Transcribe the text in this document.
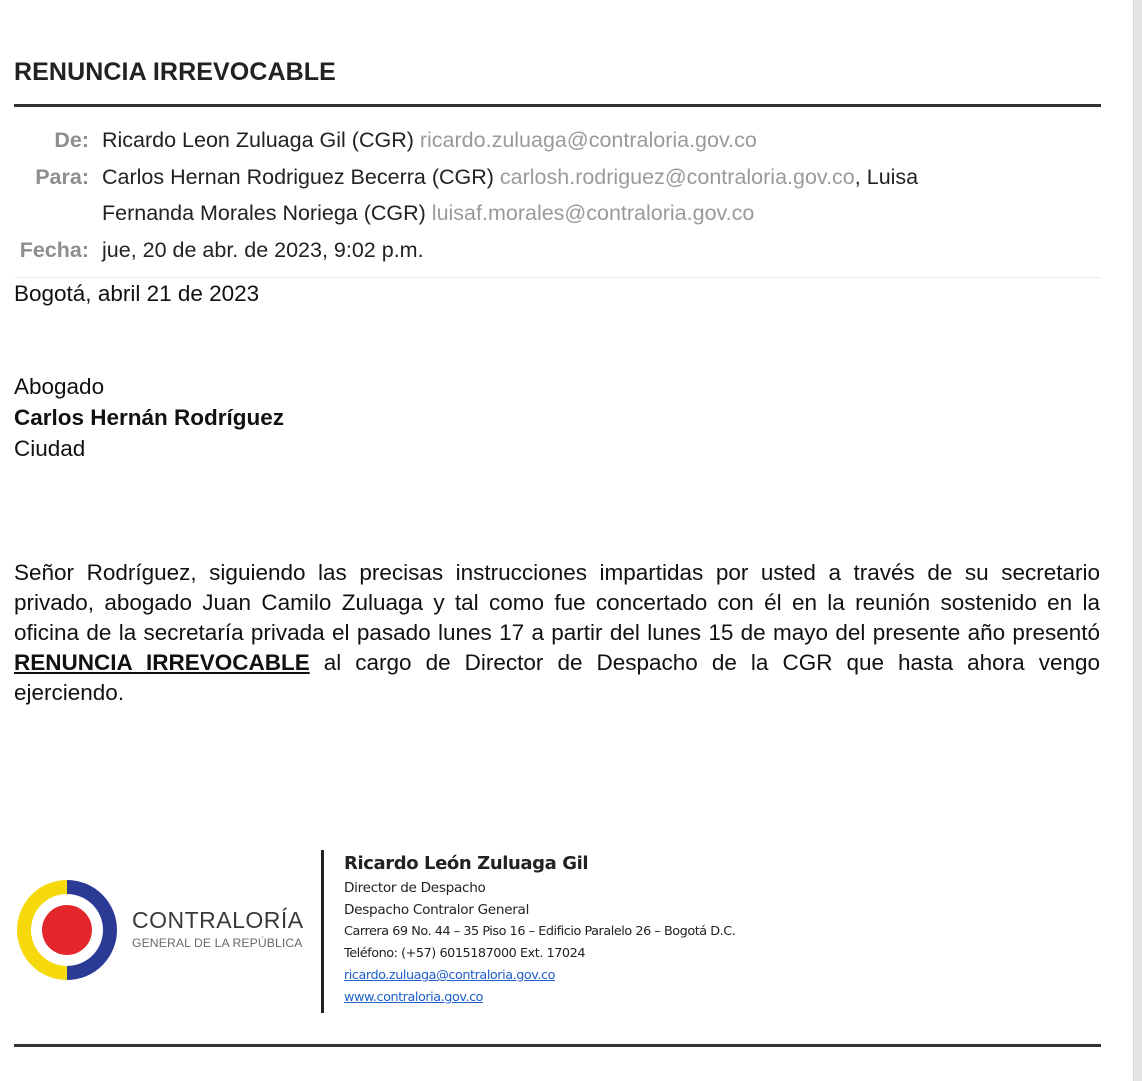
RENUNCIA IRREVOCABLE
De: Ricardo Leon Zuluaga Gil (CGR) ricardo.zuluaga@contraloria.gov.co
Para: Carlos Hernan Rodriguez Becerra (CGR) carlosh.rodriguez@contraloria.gov.co, Luisa
Fernanda Morales Noriega (CGR) luisaf.morales@contraloria.gov.co
Fecha: jue, 20 de abr. de 2023, 9:02 p.m.
Bogotá, abril 21 de 2023
Abogado
Carlos Hernán Rodríguez
Ciudad

Señor Rodríguez, siguiendo las precisas instrucciones impartidas por usted a través de su secretario privado, abogado Juan Camilo Zuluaga y tal como fue concertado con él en la reunión sostenido en la oficina de la secretaría privada el pasado lunes 17 a partir del lunes 15 de mayo del presente año presentó RENUNCIA IRREVOCABLE al cargo de Director de Despacho de la CGR que hasta ahora vengo ejerciendo.

CONTRALORÍA
GENERAL DE LA REPÚBLICA
Ricardo León Zuluaga Gil
Director de Despacho
Despacho Contralor General
Carrera 69 No. 44 – 35 Piso 16 – Edificio Paralelo 26 – Bogotá D.C.
Teléfono: (+57) 6015187000 Ext. 17024
ricardo.zuluaga@contraloria.gov.co
www.contraloria.gov.co
